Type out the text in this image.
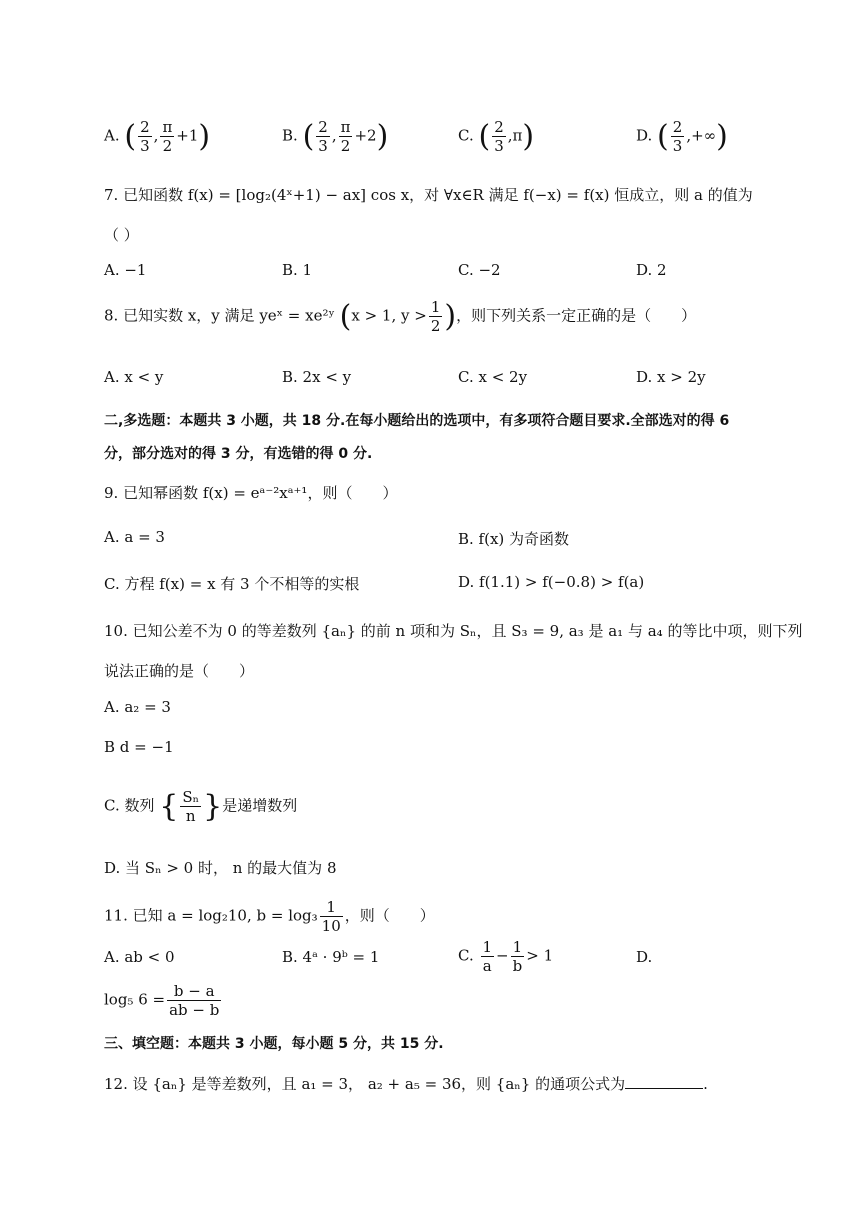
A. ( $\frac{2}{3}$ , $\frac{\pi}{2} +1$)	B. ( $\frac{2}{3}$ , $\frac{\pi}{2} +2$)	C. ( $\frac{2}{3} ,\pi$)	D. ( $\frac{2}{3}$ ,+∞)
7. 已知函数 f(x) = [log₂(4ˣ+1) − ax] cos x，对 ∀x∈R 满足 f(−x) = f(x) 恒成立，则 a 的值为
（ ）
A. −1	B. 1	C. −2	D. 2
8. 已知实数 x，y 满足 yeˣ = xe²ʸ (x > 1, $y > \frac{1}{2}$ )，则下列关系一定正确的是（　　）
A. x < y	B. 2x < y	C. x < 2y	D. x > 2y
二,多选题：本题共 3 小题，共 18 分.在每小题给出的选项中，有多项符合题目要求.全部选对的得 6
分，部分选对的得 3 分，有选错的得 0 分.
9. 已知幂函数 f(x) = eᵃ⁻²xᵃ⁺¹，则（　　）
A. a = 3	B. f(x) 为奇函数
C. 方程 f(x) = x 有 3 个不相等的实根	D. f(1.1) > f(−0.8) > f(a)
10. 已知公差不为 0 的等差数列 {aₙ} 的前 n 项和为 Sₙ，且 S₃ = 9, a₃ 是 a₁ 与 a₄ 的等比中项，则下列
说法正确的是（　　）
A. a₂ = 3
B d = −1
C. 数列 { $\frac{\text{Sₙ}}{n}$ }是递增数列
D. 当 Sₙ > 0 时， n 的最大值为 8
11. 已知 a = log₂10, $b = \log_3 \frac{1}{10}$ ，则（　　）
A. ab < 0	B. 4ᵃ · 9ᵇ = 1	C. $\frac{1}{a} - \frac{1}{b} > 1$	D.
log₅ $6 = \frac{b - a}{ab - b}$
三、填空题：本题共 3 小题，每小题 5 分，共 15 分.
12. 设 {aₙ} 是等差数列，且 a₁ = 3， a₂ + a₅ = 36，则 {aₙ} 的通项公式为	.
